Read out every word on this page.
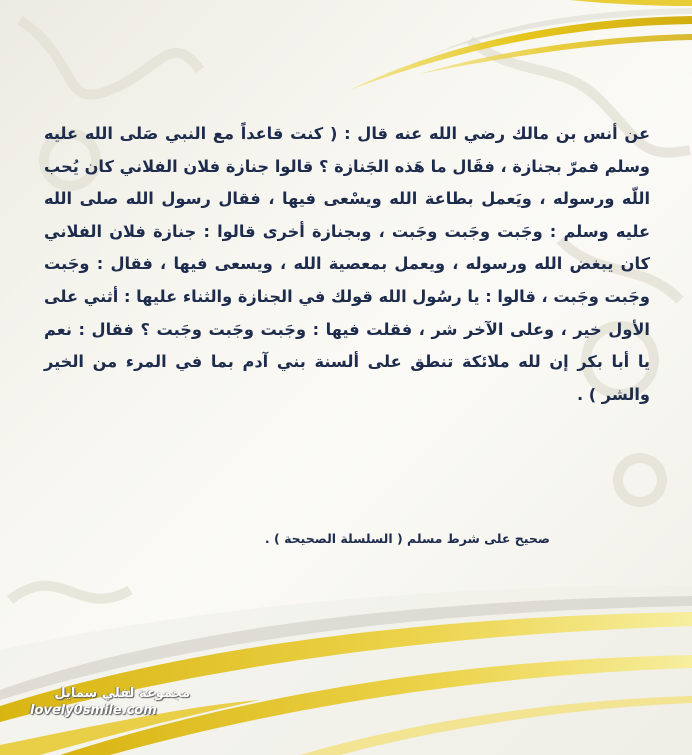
عن أنس بن مالك رضي الله عنه قال : ( كنت قاعداً مع النبي صَلى الله عليه وسلم فمرّ بجنازة ، فقَال ما هَذه الجَنازة ؟ قالوا جنازة فلان الفلاني كان يُحب اللّه ورسوله ، ويَعمل بطاعة الله ويسْعى فيها ، فقال رسول الله صلى الله عليه وسلم : وجَبت وجَبت وجَبت ، وبجنازة أخرى قالوا : جنازة فلان الفلاني كان يبغض الله ورسوله ، ويعمل بمعصية الله ، ويسعى فيها ، فقال : وجَبت وجَبت وجَبت ، قالوا : يا رسُول الله قولك في الجنازة والثناء عليها : أثني على الأول خير ، وعلى الآخر شر ، فقلت فيها : وجَبت وجَبت وجَبت ؟ فقال : نعم يا أبا بكر إن لله ملائكة تنطق على ألسنة بني آدم بما في المرء من الخير والشر ) .
صحيح على شرط مسلم ( السلسلة الصحيحة ) .
مجموعة لفلي سمايل
lovely0smile.com
